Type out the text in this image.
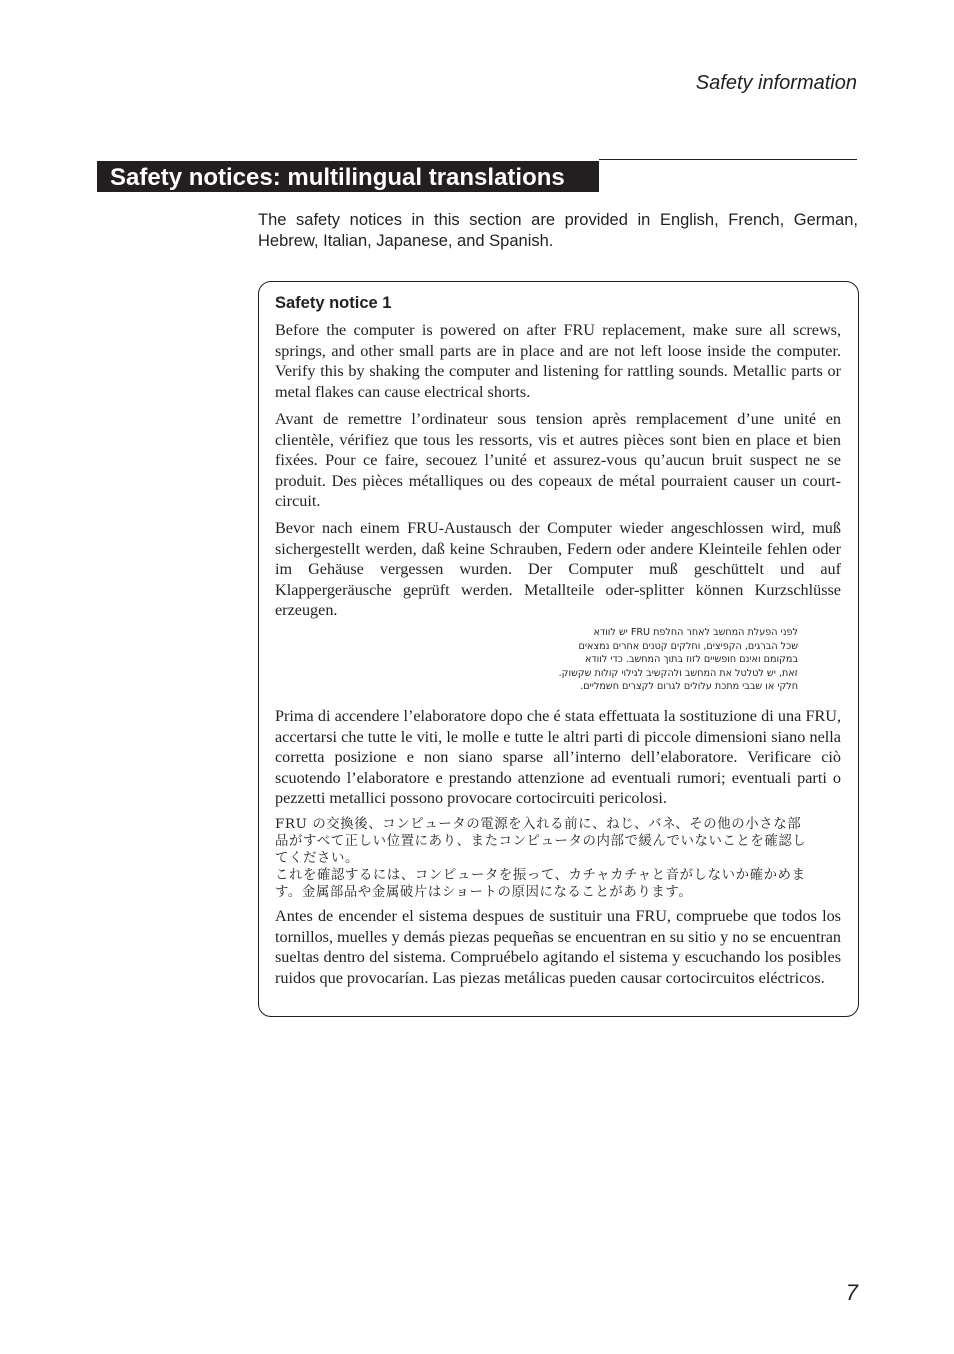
Safety information
Safety notices: multilingual translations
The safety notices in this section are provided in English, French, German, Hebrew, Italian, Japanese, and Spanish.
Safety notice 1
Before the computer is powered on after FRU replacement, make sure all screws, springs, and other small parts are in place and are not left loose inside the computer. Verify this by shaking the computer and listening for rattling sounds. Metallic parts or metal flakes can cause electrical shorts.
Avant de remettre l’ordinateur sous tension après remplacement d’une unité en clientèle, vérifiez que tous les ressorts, vis et autres pièces sont bien en place et bien fixées. Pour ce faire, secouez l’unité et assurez-vous qu’aucun bruit suspect ne se produit. Des pièces métalliques ou des copeaux de métal pourraient causer un court-circuit.
Bevor nach einem FRU-Austausch der Computer wieder angeschlossen wird, muß sichergestellt werden, daß keine Schrauben, Federn oder andere Kleinteile fehlen oder im Gehäuse vergessen wurden. Der Computer muß geschüttelt und auf Klappergeräusche geprüft werden. Metallteile oder-splitter können Kurzschlüsse erzeugen.
לפני הפעלת המחשב לאחר החלפת FRU יש לוודא
שכל הברגים, הקפיצים, וחלקים קטנים אחרים נמצאים
במקומם ואינם חופשיים לזוז בתוך המחשב. כדי לוודא
זאת, יש לטלטל את המחשב ולהקשיב לגילוי קולות שקשוק.
חלקי או שבבי מתכת עלולים לגרום לקצרים חשמליים.
Prima di accendere l’elaboratore dopo che é stata effettuata la sostituzione di una FRU, accertarsi che tutte le viti, le molle e tutte le altri parti di piccole dimensioni siano nella corretta posizione e non siano sparse all’interno dell’elaboratore. Verificare ciò scuotendo l’elaboratore e prestando attenzione ad eventuali rumori; eventuali parti o pezzetti metallici possono provocare cortocircuiti pericolosi.
FRU の交換後、コンピュータの電源を入れる前に、ねじ、バネ、その他の小さな部
品がすべて正しい位置にあり、またコンピュータの内部で緩んでいないことを確認し
てください。
これを確認するには、コンピュータを振って、カチャカチャと音がしないか確かめま
す。金属部品や金属破片はショートの原因になることがあります。
Antes de encender el sistema despues de sustituir una FRU, compruebe que todos los tornillos, muelles y demás piezas pequeñas se encuentran en su sitio y no se encuentran sueltas dentro del sistema. Compruébelo agitando el sistema y escuchando los posibles ruidos que provocarían. Las piezas metálicas pueden causar cortocircuitos eléctricos.
7
